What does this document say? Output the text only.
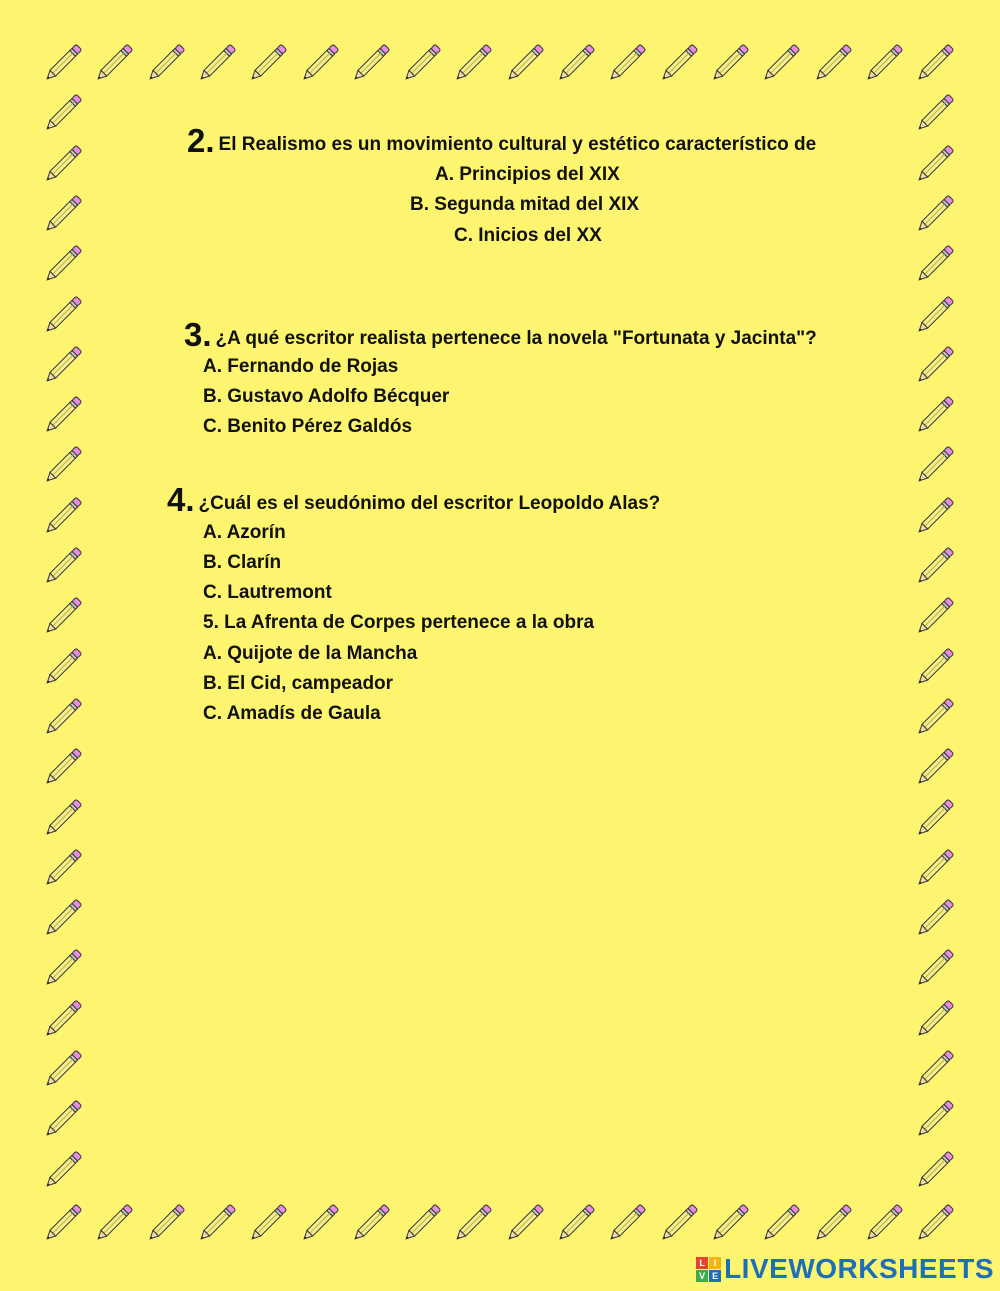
2. El Realismo es un movimiento cultural y estético característico de
A. Principios del XIX
B. Segunda mitad del XIX
C. Inicios del XX
3. ¿A qué escritor realista pertenece la novela "Fortunata y Jacinta"?
A. Fernando de Rojas
B. Gustavo Adolfo Bécquer
C. Benito Pérez Galdós
4. ¿Cuál es el seudónimo del escritor Leopoldo Alas?
A. Azorín
B. Clarín
C. Lautremont
5. La Afrenta de Corpes pertenece a la obra
A. Quijote de la Mancha
B. El Cid, campeador
C. Amadís de Gaula
L I
V E LIVEWORKSHEETS
